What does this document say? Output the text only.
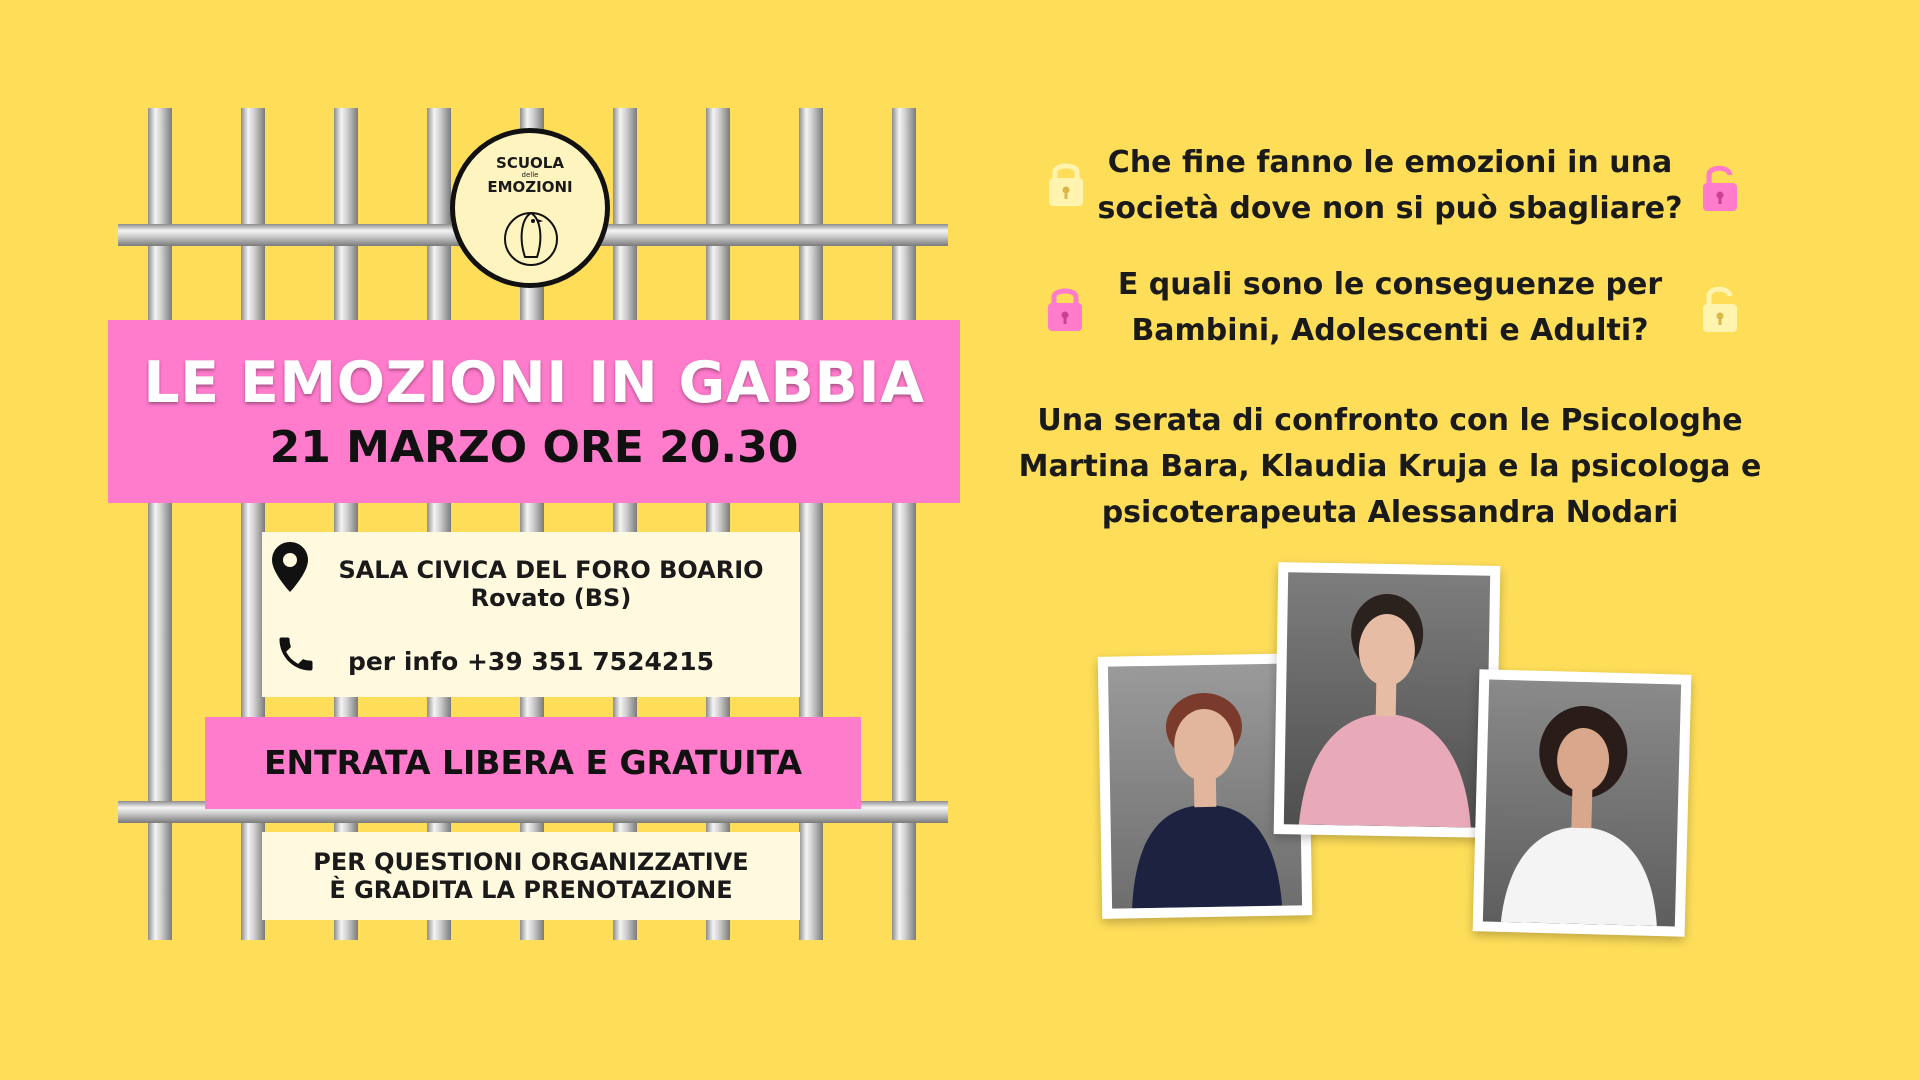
SCUOLA
delle
EMOZIONI
LE EMOZIONI IN GABBIA
21 MARZO ORE 20.30
SALA CIVICA DEL FORO BOARIO
Rovato (BS)
per info +39 351 7524215
ENTRATA LIBERA E GRATUITA
PER QUESTIONI ORGANIZZATIVE
È GRADITA LA PRENOTAZIONE
Che fine fanno le emozioni in una
società dove non si può sbagliare?
E quali sono le conseguenze per
Bambini, Adolescenti e Adulti?
Una serata di confronto con le Psicologhe
Martina Bara, Klaudia Kruja e la psicologa e
psicoterapeuta Alessandra Nodari
